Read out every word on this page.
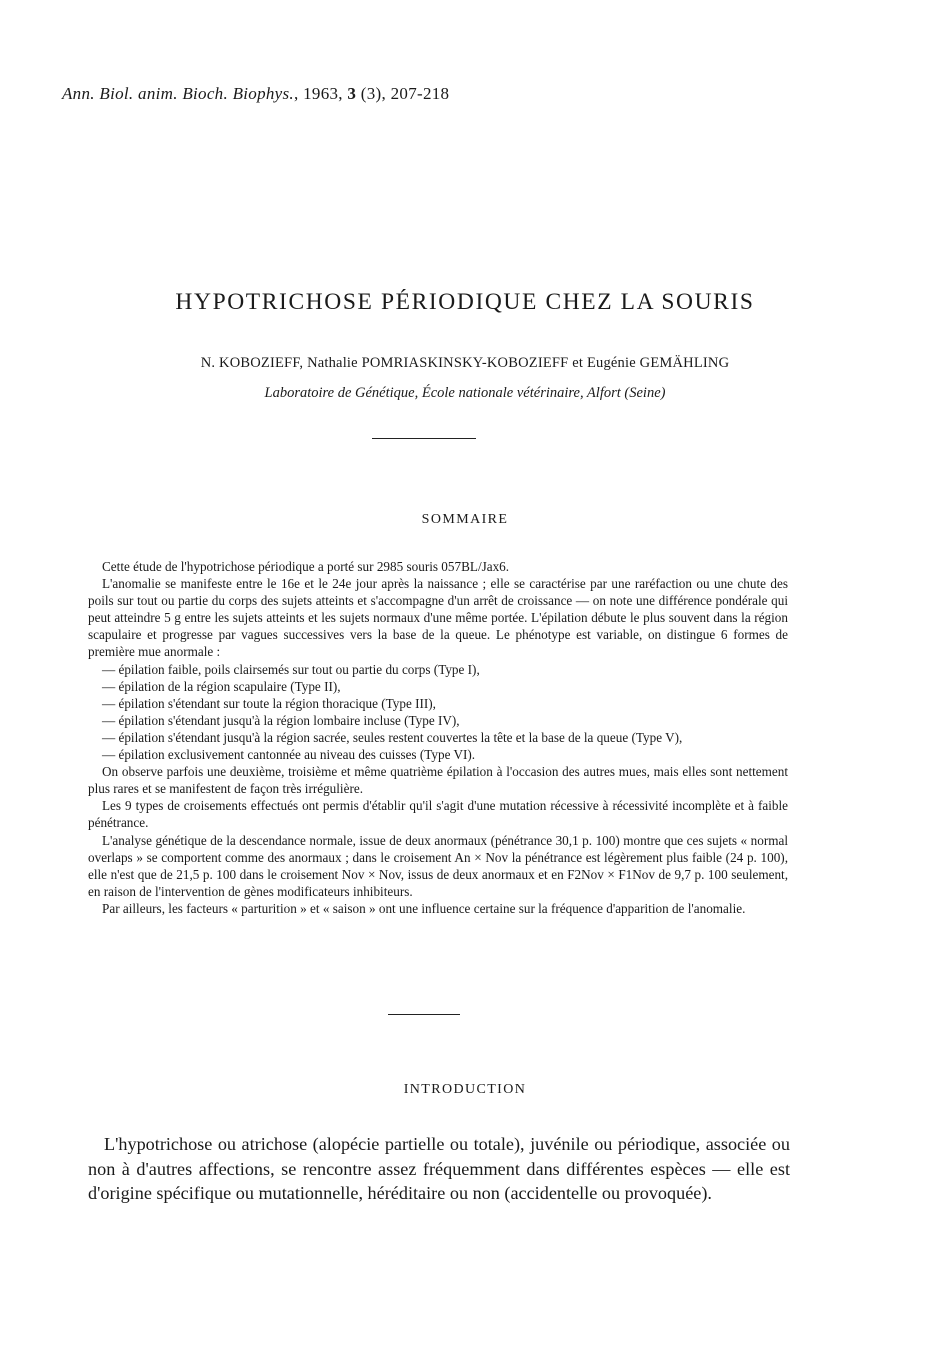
Ann. Biol. anim. Bioch. Biophys., 1963, 3 (3), 207-218
HYPOTRICHOSE PÉRIODIQUE CHEZ LA SOURIS
N. KOBOZIEFF, Nathalie POMRIASKINSKY-KOBOZIEFF et Eugénie GEMÄHLING
Laboratoire de Génétique, École nationale vétérinaire, Alfort (Seine)
SOMMAIRE

Cette étude de l'hypotrichose périodique a porté sur 2985 souris 057BL/Jax6.

L'anomalie se manifeste entre le 16e et le 24e jour après la naissance ; elle se caractérise par une raréfaction ou une chute des poils sur tout ou partie du corps des sujets atteints et s'accompagne d'un arrêt de croissance — on note une différence pondérale qui peut atteindre 5 g entre les sujets atteints et les sujets normaux d'une même portée. L'épilation débute le plus souvent dans la région scapulaire et progresse par vagues successives vers la base de la queue. Le phénotype est variable, on distingue 6 formes de première mue anormale :

— épilation faible, poils clairsemés sur tout ou partie du corps (Type I),
— épilation de la région scapulaire (Type II),
— épilation s'étendant sur toute la région thoracique (Type III),
— épilation s'étendant jusqu'à la région lombaire incluse (Type IV),
— épilation s'étendant jusqu'à la région sacrée, seules restent couvertes la tête et la base de la queue (Type V),
— épilation exclusivement cantonnée au niveau des cuisses (Type VI).

On observe parfois une deuxième, troisième et même quatrième épilation à l'occasion des autres mues, mais elles sont nettement plus rares et se manifestent de façon très irrégulière.

Les 9 types de croisements effectués ont permis d'établir qu'il s'agit d'une mutation récessive à récessivité incomplète et à faible pénétrance.

L'analyse génétique de la descendance normale, issue de deux anormaux (pénétrance 30,1 p. 100) montre que ces sujets « normal overlaps » se comportent comme des anormaux ; dans le croisement An × Nov la pénétrance est légèrement plus faible (24 p. 100), elle n'est que de 21,5 p. 100 dans le croisement Nov × Nov, issus de deux anormaux et en F2Nov × F1Nov de 9,7 p. 100 seulement, en raison de l'intervention de gènes modificateurs inhibiteurs.

Par ailleurs, les facteurs « parturition » et « saison » ont une influence certaine sur la fréquence d'apparition de l'anomalie.

INTRODUCTION

L'hypotrichose ou atrichose (alopécie partielle ou totale), juvénile ou périodique, associée ou non à d'autres affections, se rencontre assez fréquemment dans différentes espèces — elle est d'origine spécifique ou mutationnelle, héréditaire ou non (accidentelle ou provoquée).
